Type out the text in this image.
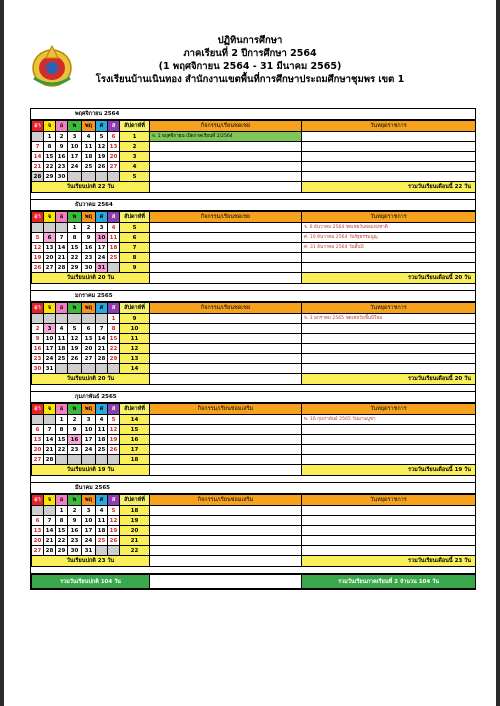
ปฏิทินการศึกษา
ภาคเรียนที่ 2 ปีการศึกษา 2564
(1 พฤศจิกายน 2564 - 31 มีนาคม 2565)
โรงเรียนบ้านเนินทอง สำนักงานเขตพื้นที่การศึกษาประถมศึกษาชุมพร เขต 1
พฤศจิกายน 2564
อา	จ	อ	พ	พฤ	ศ	ส	สัปดาห์ที่	กิจกรรม/เรียนชดเชย	วันหยุดราชการ
	1	2	3	4	5	6	1	จ. 1 พฤศจิกายน เปิดภาคเรียนที่ 2/2564	
7	8	9	10	11	12	13	2		
14	15	16	17	18	19	20	3		
21	22	23	24	25	26	27	4		
28	29	30					5		
วันเรียนปกติ 22 วัน									รวมวันเรียนเดือนนี้ 22 วัน
ธันวาคม 2564
อา	จ	อ	พ	พฤ	ศ	ส	สัปดาห์ที่	กิจกรรม/เรียนชดเชย	วันหยุดราชการ
			1	2	3	4	5		จ. 6 ธันวาคม 2564 ชดเชยวันพ่อแห่งชาติ
5	6	7	8	9	10	11	6		ศ. 10 ธันวาคม 2564 วันรัฐธรรมนูญ
12	13	14	15	16	17	18	7		ศ. 31 ธันวาคม 2564 วันสิ้นปี
19	20	21	22	23	24	25	8		
26	27	28	29	30	31		9		
วันเรียนปกติ 20 วัน									รวมวันเรียนเดือนนี้ 20 วัน
มกราคม 2565
อา	จ	อ	พ	พฤ	ศ	ส	สัปดาห์ที่	กิจกรรม/เรียนชดเชย	วันหยุดราชการ
						1	9		จ. 3 มกราคม 2565 ชดเชยวันขึ้นปีใหม่
2	3	4	5	6	7	8	10		
9	10	11	12	13	14	15	11		
16	17	18	19	20	21	22	12		
23	24	25	26	27	28	29	13		
30	31						14		
วันเรียนปกติ 20 วัน									รวมวันเรียนเดือนนี้ 20 วัน
กุมภาพันธ์ 2565
อา	จ	อ	พ	พฤ	ศ	ส	สัปดาห์ที่	กิจกรรม/เรียนซ่อมเสริม	วันหยุดราชการ
		1	2	3	4	5	14		พ. 16 กุมภาพันธ์ 2565 วันมาฆบูชา
6	7	8	9	10	11	12	15		
13	14	15	16	17	18	19	16		
20	21	22	23	24	25	26	17		
27	28						18		
วันเรียนปกติ 19 วัน									รวมวันเรียนเดือนนี้ 19 วัน
มีนาคม 2565
อา	จ	อ	พ	พฤ	ศ	ส	สัปดาห์ที่	กิจกรรม/เรียนซ่อมเสริม	วันหยุดราชการ
		1	2	3	4	5	18		
6	7	8	9	10	11	12	19		
13	14	15	16	17	18	19	20		
20	21	22	23	24	25	26	21		
27	28	29	30	31			22		
วันเรียนปกติ 23 วัน									รวมวันเรียนเดือนนี้ 23 วัน
รวมวันเรียนปกติ 104 วัน		รวมวันเรียนภาคเรียนที่ 2 จำนวน 104 วัน
